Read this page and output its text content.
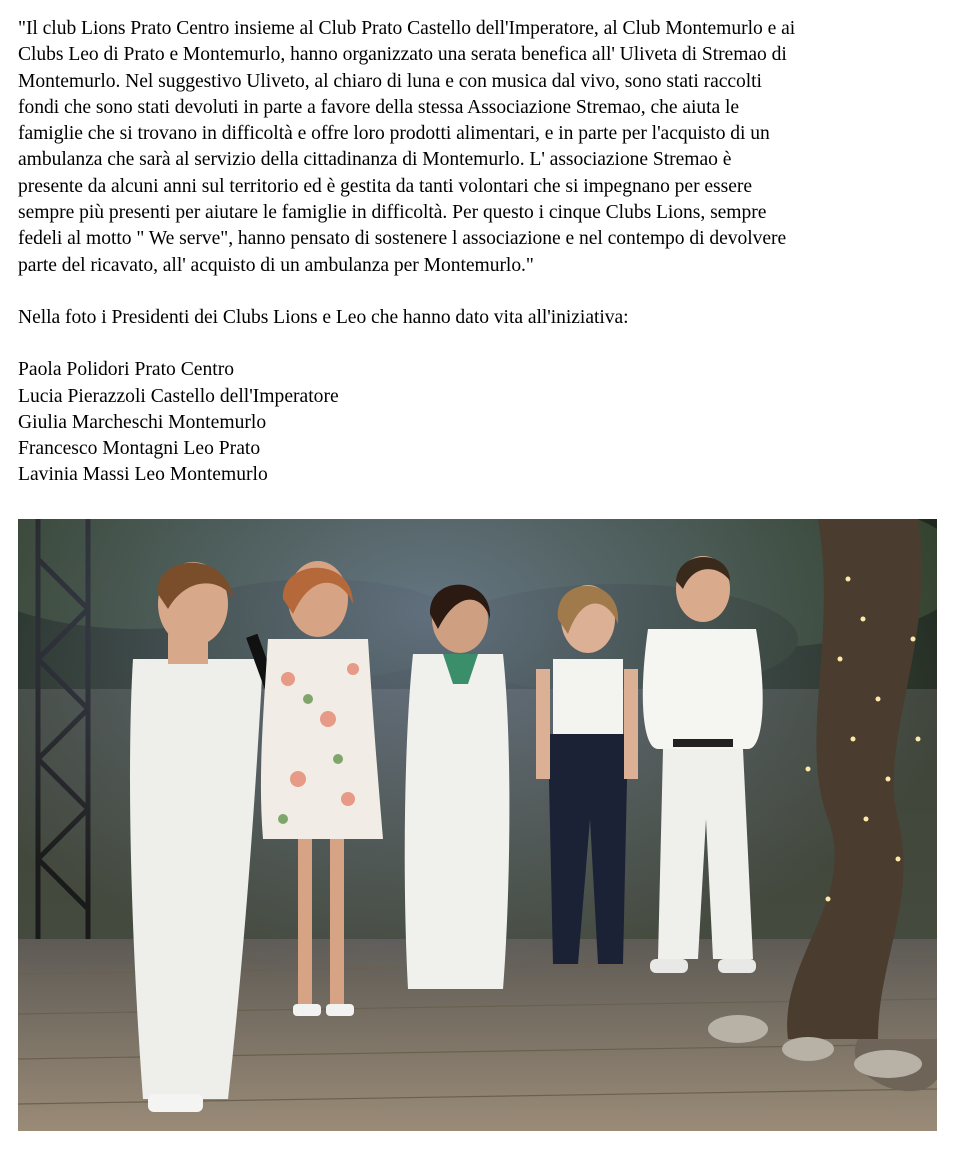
"Il club Lions Prato Centro insieme al Club Prato Castello dell'Imperatore, al Club Montemurlo e ai
Clubs Leo di Prato e Montemurlo, hanno organizzato una serata benefica all' Uliveta di Stremao di
Montemurlo. Nel suggestivo Uliveto, al chiaro di luna e con musica dal vivo, sono stati raccolti
fondi che sono stati devoluti in parte a favore della stessa Associazione Stremao, che aiuta le
famiglie che si trovano in difficoltà e offre loro prodotti alimentari, e in parte per l'acquisto di un
ambulanza che sarà al servizio della cittadinanza di Montemurlo. L' associazione Stremao è
presente da alcuni anni sul territorio ed è gestita da tanti volontari che si impegnano per essere
sempre più presenti per aiutare le famiglie in difficoltà. Per questo i cinque Clubs Lions, sempre
fedeli al motto " We serve", hanno pensato di sostenere l associazione e nel contempo di devolvere
parte del ricavato, all' acquisto di un ambulanza per Montemurlo."

Nella foto i Presidenti dei Clubs Lions e Leo che hanno dato vita all'iniziativa:

Paola Polidori Prato Centro
Lucia Pierazzoli Castello dell'Imperatore
Giulia Marcheschi Montemurlo
Francesco Montagni Leo Prato
Lavinia Massi Leo Montemurlo
